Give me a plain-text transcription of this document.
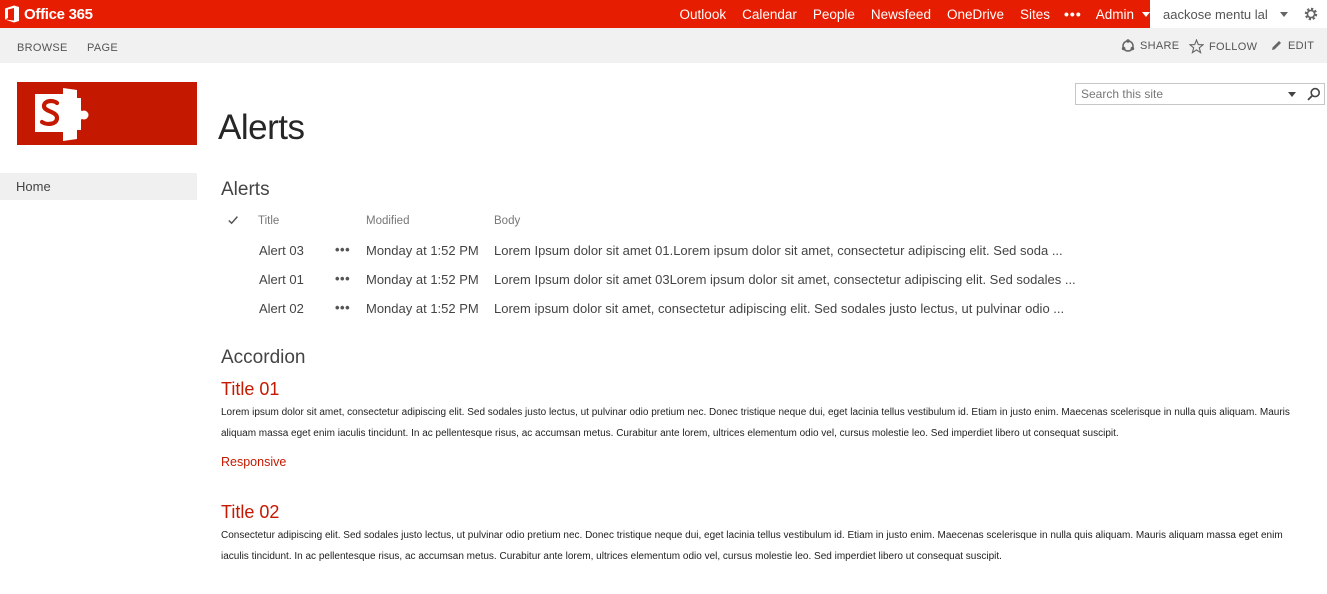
Office 365	Outlook Calendar People Newsfeed OneDrive Sites ••• Admin aackose mentu lal
BROWSE PAGE	SHARE	FOLLOW	EDIT
Search this site
Home
Alerts
Alerts
Title	Modified	Body
Alert 03 ••• Monday at 1:52 PM Lorem Ipsum dolor sit amet 01.Lorem ipsum dolor sit amet, consectetur adipiscing elit. Sed soda ...
Alert 01 ••• Monday at 1:52 PM Lorem Ipsum dolor sit amet 03Lorem ipsum dolor sit amet, consectetur adipiscing elit. Sed sodales ...
Alert 02 ••• Monday at 1:52 PM Lorem ipsum dolor sit amet, consectetur adipiscing elit. Sed sodales justo lectus, ut pulvinar odio ...
Accordion
Title 01

Lorem ipsum dolor sit amet, consectetur adipiscing elit. Sed sodales justo lectus, ut pulvinar odio pretium nec. Donec tristique neque dui, eget lacinia tellus vestibulum id. Etiam in justo enim. Maecenas scelerisque in nulla quis aliquam. Mauris aliquam massa eget enim iaculis tincidunt. In ac pellentesque risus, ac accumsan metus. Curabitur ante lorem, ultrices elementum odio vel, cursus molestie leo. Sed imperdiet libero ut consequat suscipit.

Responsive
Title 02

Consectetur adipiscing elit. Sed sodales justo lectus, ut pulvinar odio pretium nec. Donec tristique neque dui, eget lacinia tellus vestibulum id. Etiam in justo enim. Maecenas scelerisque in nulla quis aliquam. Mauris aliquam massa eget enim iaculis tincidunt. In ac pellentesque risus, ac accumsan metus. Curabitur ante lorem, ultrices elementum odio vel, cursus molestie leo. Sed imperdiet libero ut consequat suscipit.
